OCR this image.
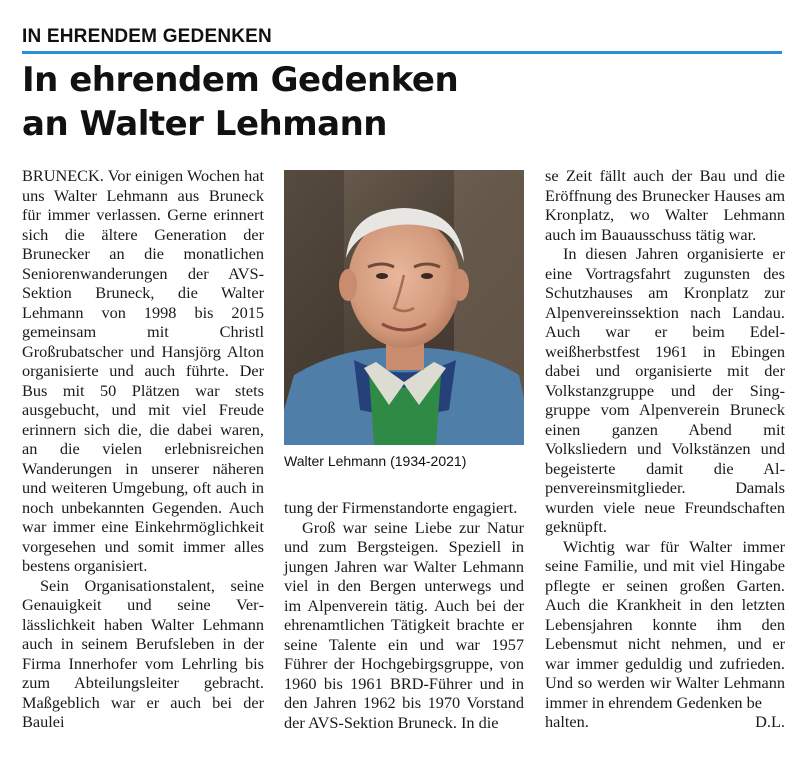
IN EHRENDEM GEDENKEN
In ehrendem Gedenken
an Walter Lehmann

BRUNECK. Vor einigen Wochen hat uns Walter Lehmann aus Bruneck für immer verlassen. Gerne erinnert sich die ältere Generation der Brunecker an die monatlichen Seniorenwanderungen der AVS-Sektion Bruneck, die Walter Lehmann von 1998 bis 2015 gemeinsam mit Christl Großrubatscher und Hansjörg Alton organisierte und auch führte. Der Bus mit 50 Plätzen war stets ausgebucht, und mit viel Freude erinnern sich die, die dabei waren, an die vielen erlebnisreichen Wanderungen in unserer näheren und weiteren Umgebung, oft auch in noch unbekannten Gegenden. Auch war immer eine Einkehrmöglichkeit vorgesehen und somit immer alles bestens organisiert.

Sein Organisationstalent, seine Genauigkeit und seine Verlässlichkeit haben Walter Lehmann auch in seinem Berufsleben in der Firma Innerhofer vom Lehrling bis zum Abteilungsleiter gebracht. Maßgeblich war er auch bei der Baulei

Walter Lehmann (1934-2021)

tung der Firmenstandorte engagiert.

Groß war seine Liebe zur Natur und zum Bergsteigen. Speziell in jungen Jahren war Walter Lehmann viel in den Bergen unterwegs und im Alpenverein tätig. Auch bei der ehrenamtlichen Tätigkeit brachte er seine Talente ein und war 1957 Führer der Hochgebirgsgruppe, von 1960 bis 1961 BRD-Führer und in den Jahren 1962 bis 1970 Vorstand der AVS-Sektion Bruneck. In die

se Zeit fällt auch der Bau und die Eröffnung des Brunecker Hauses am Kronplatz, wo Walter Lehmann auch im Bauausschuss tätig war.

In diesen Jahren organisierte er eine Vortragsfahrt zugunsten des Schutzhauses am Kronplatz zur Alpenvereinssektion nach Landau. Auch war er beim Edelweißherbstfest 1961 in Ebingen dabei und organisierte mit der Volkstanzgruppe und der Singgruppe vom Alpenverein Bruneck einen ganzen Abend mit Volksliedern und Volkstänzen und begeisterte damit die Alpenvereinsmitglieder. Damals wurden viele neue Freundschaften geknüpft.

Wichtig war für Walter immer seine Familie, und mit viel Hingabe pflegte er seinen großen Garten. Auch die Krankheit in den letzten Lebensjahren konnte ihm den Lebensmut nicht nehmen, und er war immer geduldig und zufrieden. Und so werden wir Walter Lehmann immer in ehrendem Gedenken be

halten.	D.L.
